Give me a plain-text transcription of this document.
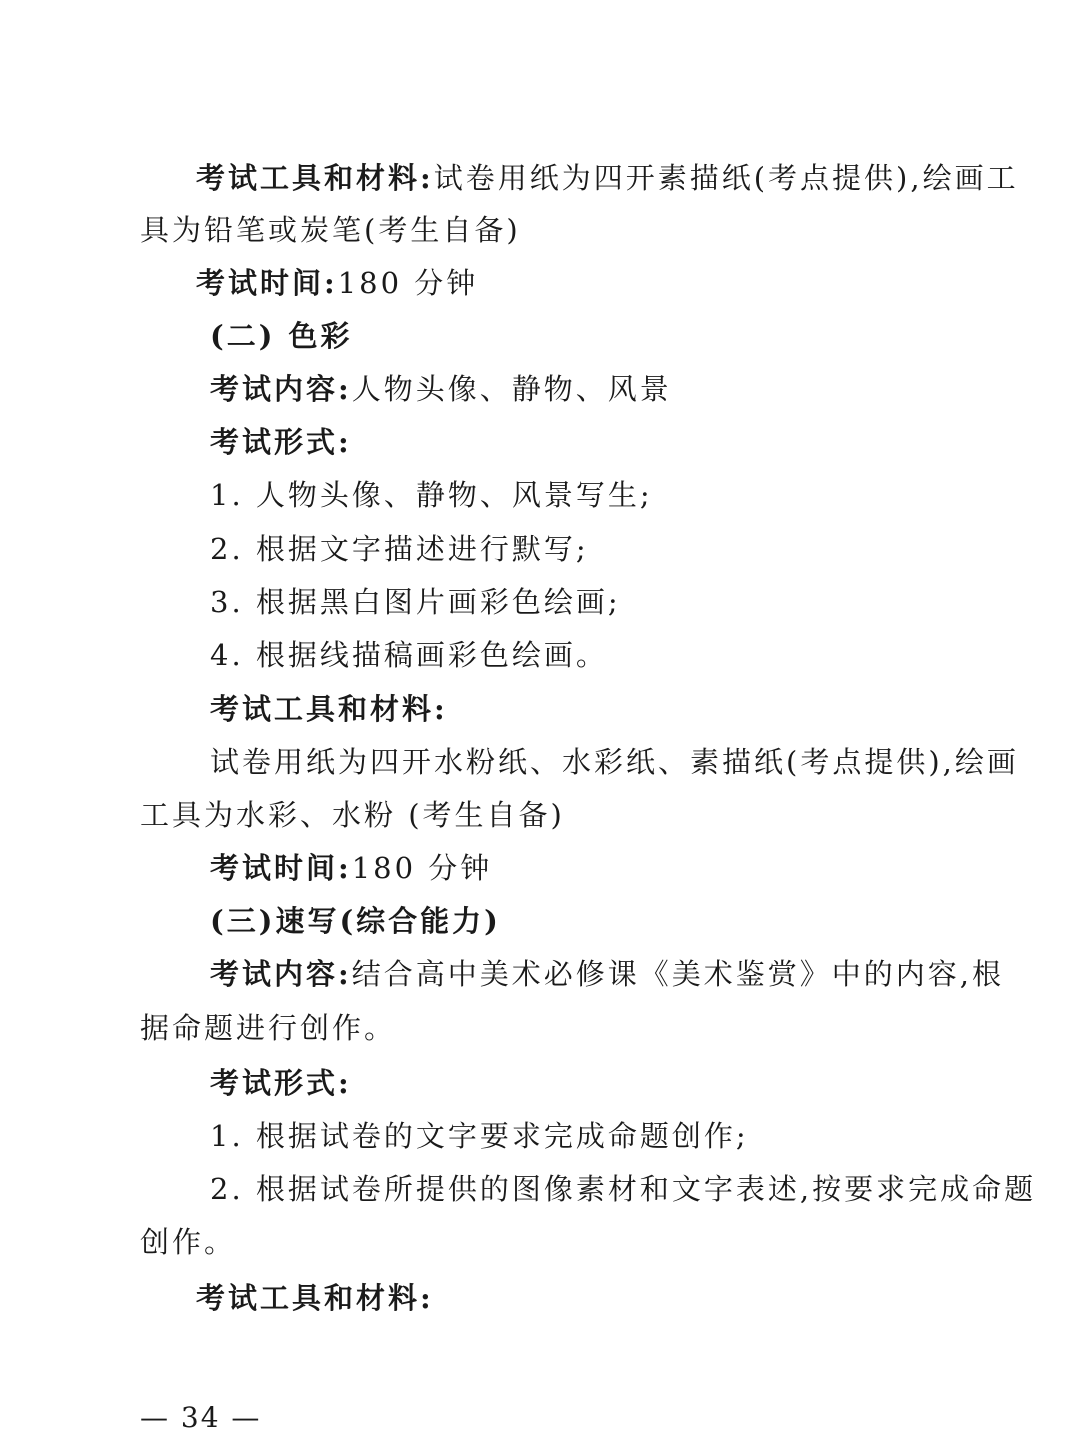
考试工具和材料:试卷用纸为四开素描纸(考点提供),绘画工
具为铅笔或炭笔(考生自备)
考试时间:180 分钟
(二) 色彩
考试内容:人物头像、静物、风景
考试形式:
1. 人物头像、静物、风景写生;
2. 根据文字描述进行默写;
3. 根据黑白图片画彩色绘画;
4. 根据线描稿画彩色绘画。
考试工具和材料:
试卷用纸为四开水粉纸、水彩纸、素描纸(考点提供),绘画
工具为水彩、水粉 (考生自备)
考试时间:180 分钟
(三)速写(综合能力)
考试内容:结合高中美术必修课《美术鉴赏》中的内容,根
据命题进行创作。
考试形式:
1. 根据试卷的文字要求完成命题创作;
2. 根据试卷所提供的图像素材和文字表述,按要求完成命题
创作。
考试工具和材料:
— 34 —
